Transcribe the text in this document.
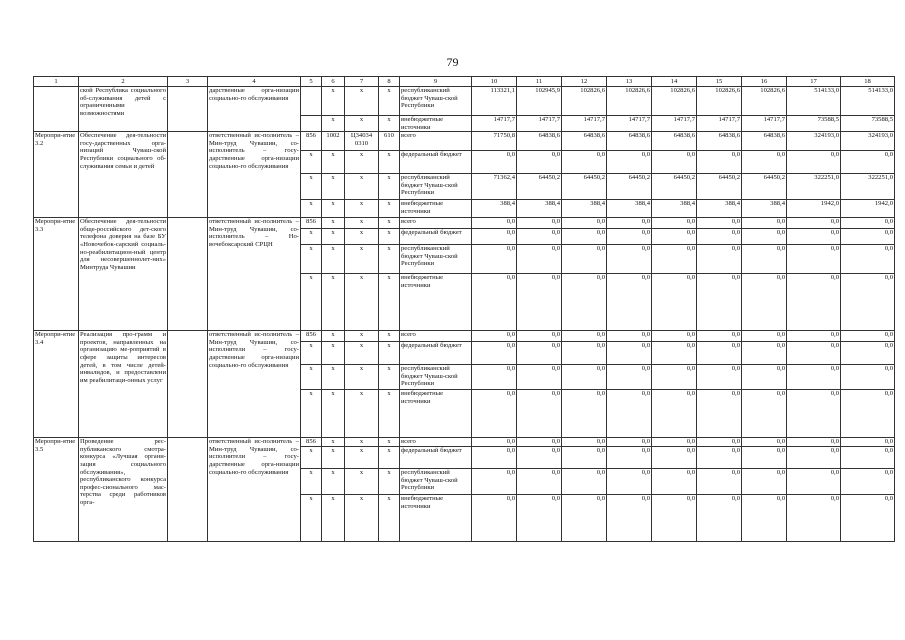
79
1	2	3	4	5	6	7	8	9	10	11	12	13	14	15	16	17	18
	ской Республика социального об-служивания детей с ограниченными возможностями		дарственные орга-низации социально-го обслуживания		x	x	x	республиканский бюджет Чуваш-ской Республики	113321,1	102945,9	102826,6	102826,6	102826,6	102826,6	102826,6	514133,0	514133,0
					x	x	x	внебюджетные источники	14717,7	14717,7	14717,7	14717,7	14717,7	14717,7	14717,7	73588,5	73588,5
Меропри-ятие 3.2	Обеспечение дея-тельности госу-дарственных орга-низаций Чуваш-ской Республики социального об-служивания семьи и детей		ответственный ис-полнитель – Мин-труд Чувашии, со-исполнитель – госу-дарственные орга-низации социально-го обслуживания	856	1002	Ц34034 0310	610	всего	71750,8	64838,6	64838,6	64838,6	64838,6	64838,6	64838,6	324193,0	324193,0
				x	x	x	x	федеральный бюджет	0,0	0,0	0,0	0,0	0,0	0,0	0,0	0,0	0,0
				x	x	x	x	республиканский бюджет Чуваш-ской Республики	71362,4	64450,2	64450,2	64450,2	64450,2	64450,2	64450,2	322251,0	322251,0
				x	x	x	x	внебюджетные источники	388,4	388,4	388,4	388,4	388,4	388,4	388,4	1942,0	1942,0
Меропри-ятие 3.3	Обеспечение дея-тельности обще-российского дет-ского телефона доверия на базе БУ «Новочебок-сарский социаль-но-реабилитацион-ный центр для несовершеннолет-них» Минтруда Чувашии		ответственный ис-полнитель – Мин-труд Чувашии, со-исполнитель – Но-вочебоксарский СРЦН	856	x	x	x	всего	0,0	0,0	0,0	0,0	0,0	0,0	0,0	0,0	0,0
				x	x	x	x	федеральный бюджет	0,0	0,0	0,0	0,0	0,0	0,0	0,0	0,0	0,0
				x	x	x	x	республиканский бюджет Чуваш-ской Республики	0,0	0,0	0,0	0,0	0,0	0,0	0,0	0,0	0,0
				x	x	x	x	внебюджетные источники	0,0	0,0	0,0	0,0	0,0	0,0	0,0	0,0	0,0
Меропри-ятие 3.4	Реализация про-грамм и проектов, направленных на организацию ме-роприятий в сфере защиты интересов детей, в том числе детей-инвалидов, и предоставлени им реабилитаци-онных услуг		ответственный ис-полнитель – Мин-труд Чувашии, со-исполнители – госу-дарственные орга-низации социально-го обслуживания	856	x	x	x	всего	0,0	0,0	0,0	0,0	0,0	0,0	0,0	0,0	0,0
				x	x	x	x	федеральный бюджет	0,0	0,0	0,0	0,0	0,0	0,0	0,0	0,0	0,0
				x	x	x	x	республиканский бюджет Чуваш-ской Республики	0,0	0,0	0,0	0,0	0,0	0,0	0,0	0,0	0,0
				x	x	x	x	внебюджетные источники	0,0	0,0	0,0	0,0	0,0	0,0	0,0	0,0	0,0
Меропри-ятие 3.5	Проведение рес-публиканского смотра-конкурса «Лучшая органи-зация социального обслуживания», республиканского конкурса профес-сионального мас-терства среди работников орга-		ответственный ис-полнитель – Мин-труд Чувашии, со-исполнители – госу-дарственные орга-низации социально-го обслуживания	856	x	x	x	всего	0,0	0,0	0,0	0,0	0,0	0,0	0,0	0,0	0,0
				x	x	x	x	федеральный бюджет	0,0	0,0	0,0	0,0	0,0	0,0	0,0	0,0	0,0
				x	x	x	x	республиканский бюджет Чуваш-ской Республики	0,0	0,0	0,0	0,0	0,0	0,0	0,0	0,0	0,0
				x	x	x	x	внебюджетные источники	0,0	0,0	0,0	0,0	0,0	0,0	0,0	0,0	0,0
